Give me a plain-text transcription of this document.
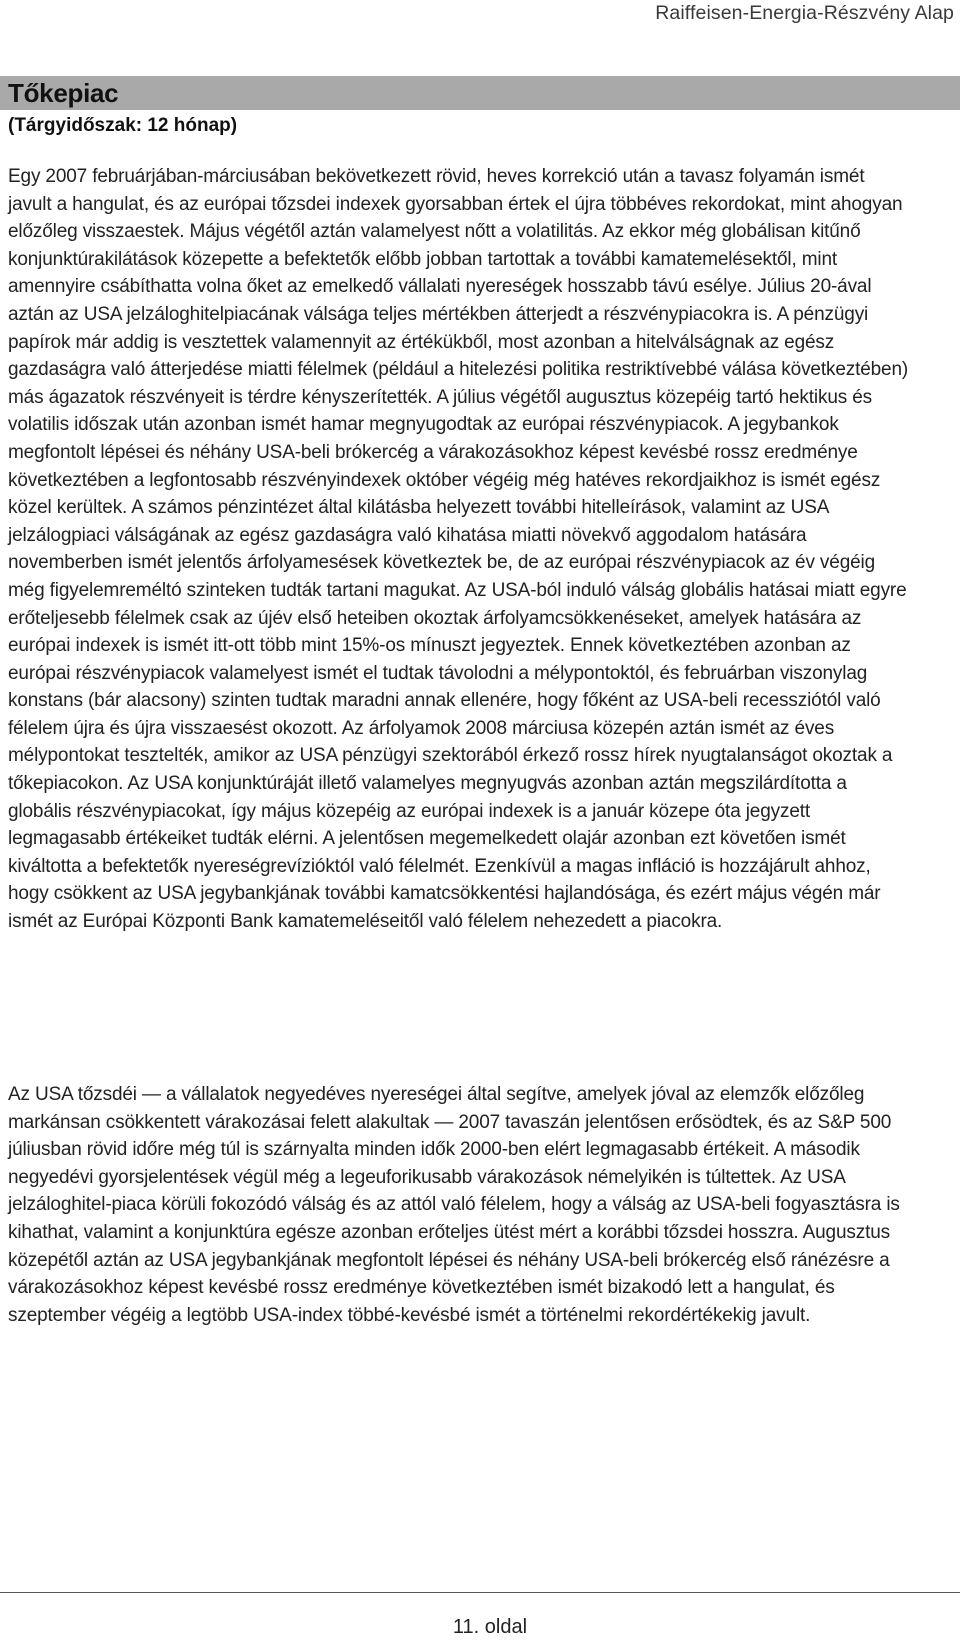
Raiffeisen-Energia-Részvény Alap
Tőkepiac
(Tárgyidőszak: 12 hónap)

Egy 2007 februárjában-márciusában bekövetkezett rövid, heves korrekció után a tavasz folyamán ismét javult a hangulat, és az európai tőzsdei indexek gyorsabban értek el újra többéves rekordokat, mint ahogyan előzőleg visszaestek. Május végétől aztán valamelyest nőtt a volatilitás. Az ekkor még globálisan kitűnő konjunktúrakilátások közepette a befektetők előbb jobban tartottak a további kamatemelésektől, mint amennyire csábíthatta volna őket az emelkedő vállalati nyereségek hosszabb távú esélye. Július 20-ával aztán az USA jelzáloghitelpiacának válsága teljes mértékben átterjedt a részvénypiacokra is. A pénzügyi papírok már addig is vesztettek valamennyit az értékükből, most azonban a hitelválságnak az egész gazdaságra való átterjedése miatti félelmek (például a hitelezési politika restriktívebbé válása következtében) más ágazatok részvényeit is térdre kényszerítették. A július végétől augusztus közepéig tartó hektikus és volatilis időszak után azonban ismét hamar megnyugodtak az európai részvénypiacok. A jegybankok megfontolt lépései és néhány USA-beli brókercég a várakozásokhoz képest kevésbé rossz eredménye következtében a legfontosabb részvényindexek október végéig még hatéves rekordjaikhoz is ismét egész közel kerültek. A számos pénzintézet által kilátásba helyezett további hitelleírások, valamint az USA jelzálogpiaci válságának az egész gazdaságra való kihatása miatti növekvő aggodalom hatására novemberben ismét jelentős árfolyamesések következtek be, de az európai részvénypiacok az év végéig még figyelemreméltó szinteken tudták tartani magukat. Az USA-ból induló válság globális hatásai miatt egyre erőteljesebb félelmek csak az újév első heteiben okoztak árfolyamcsökkenéseket, amelyek hatására az európai indexek is ismét itt-ott több mint 15%-os mínuszt jegyeztek. Ennek következtében azonban az európai részvénypiacok valamelyest ismét el tudtak távolodni a mélypontoktól, és februárban viszonylag konstans (bár alacsony) szinten tudtak maradni annak ellenére, hogy főként az USA-beli recessziótól való félelem újra és újra visszaesést okozott. Az árfolyamok 2008 márciusa közepén aztán ismét az éves mélypontokat tesztelték, amikor az USA pénzügyi szektorából érkező rossz hírek nyugtalanságot okoztak a tőkepiacokon. Az USA konjunktúráját illető valamelyes megnyugvás azonban aztán megszilárdította a globális részvénypiacokat, így május közepéig az európai indexek is a január közepe óta jegyzett legmagasabb értékeiket tudták elérni. A jelentősen megemelkedett olajár azonban ezt követően ismét kiváltotta a befektetők nyereségrevízióktól való félelmét. Ezenkívül a magas infláció is hozzájárult ahhoz, hogy csökkent az USA jegybankjának további kamatcsökkentési hajlandósága, és ezért május végén már ismét az Európai Központi Bank kamatemeléseitől való félelem nehezedett a piacokra.

Az USA tőzsdéi — a vállalatok negyedéves nyereségei által segítve, amelyek jóval az elemzők előzőleg markánsan csökkentett várakozásai felett alakultak — 2007 tavaszán jelentősen erősödtek, és az S&P 500 júliusban rövid időre még túl is szárnyalta minden idők 2000-ben elért legmagasabb értékeit. A második negyedévi gyorsjelentések végül még a legeuforikusabb várakozások némelyikén is túltettek. Az USA jelzáloghitel-piaca körüli fokozódó válság és az attól való félelem, hogy a válság az USA-beli fogyasztásra is kihathat, valamint a konjunktúra egésze azonban erőteljes ütést mért a korábbi tőzsdei hosszra. Augusztus közepétől aztán az USA jegybankjának megfontolt lépései és néhány USA-beli brókercég első ránézésre a várakozásokhoz képest kevésbé rossz eredménye következtében ismét bizakodó lett a hangulat, és szeptember végéig a legtöbb USA-index többé-kevésbé ismét a történelmi rekordértékekig javult.

11. oldal
